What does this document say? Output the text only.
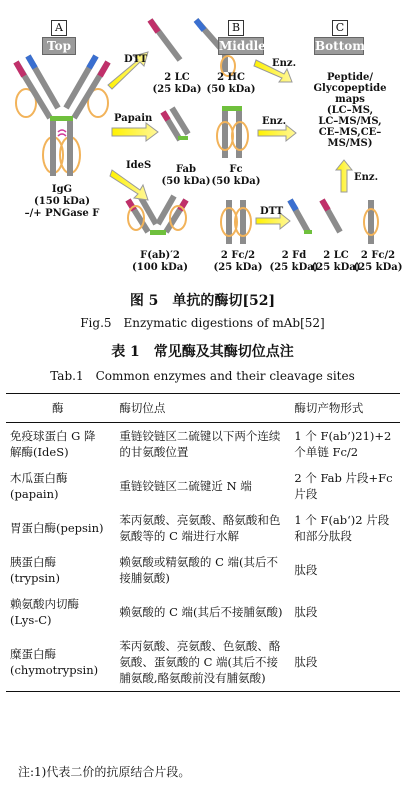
A	B	C
Top	Middle	Bottom
DTT
Papain
IdeS
DTT
Enz.
Enz.
Enz.
IgG
(150 kDa)
–/+ PNGase F
2 LC
(25 kDa)
2 HC
(50 kDa)
Fab
(50 kDa)
Fc
(50 kDa)
F(ab)′2
(100 kDa)
2 Fc/2
(25 kDa)
2 Fd
(25 kDa)
2 LC
(25 kDa)
2 Fc/2
(25 kDa)
Peptide/
Glycopeptide
maps
(LC–MS,
LC–MS/MS,
CE–MS,CE–
MS/MS)
图 5　单抗的酶切[52]
Fig.5　Enzymatic digestions of mAb[52]
表 1　常见酶及其酶切位点注
Tab.1　Common enzymes and their cleavage sites
酶	酶切位点	酶切产物形式
免疫球蛋白 G 降解酶(IdeS)	重链铰链区二硫键以下两个连续的甘氨酸位置	1 个 F(ab’)21)+2 个单链 Fc/2
木瓜蛋白酶(papain)	重链铰链区二硫键近 N 端	2 个 Fab 片段+Fc 片段
胃蛋白酶(pepsin)	苯丙氨酸、亮氨酸、酪氨酸和色氨酸等的 C 端进行水解	1 个 F(ab‘)2 片段和部分肽段
胰蛋白酶(trypsin)	赖氨酸或精氨酸的 C 端(其后不接脯氨酸)	肽段
赖氨酸内切酶(Lys-C)	赖氨酸的 C 端(其后不接脯氨酸)	肽段
糜蛋白酶(chymotrypsin)	苯丙氨酸、亮氨酸、色氨酸、酪氨酸、蛋氨酸的 C 端(其后不接脯氨酸,酪氨酸前没有脯氨酸)	肽段
注:1)代表二价的抗原结合片段。
